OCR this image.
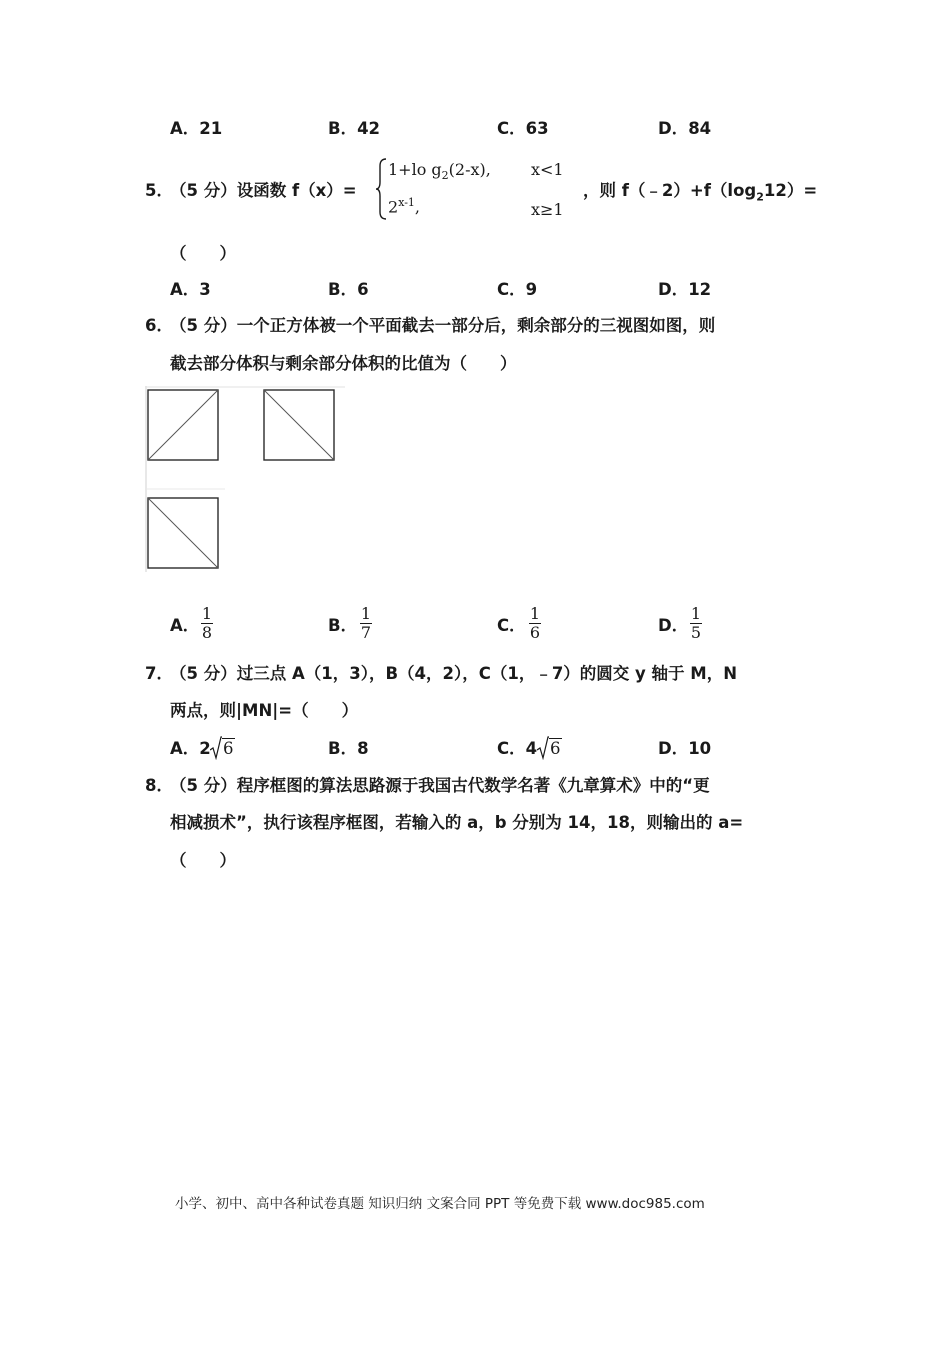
A．21	B．42	C．63	D．84
5．
（5 分）设函数 f（x）=
1+lo $g_2(2-x)$,	x<1
2$^{x-1}$,	x≥1
，则 $f(﹣2)+f(\log_212)=$
（　　）
A．3	B．6	C．9	D．12
6．
（5 分）一个正方体被一个平面截去一部分后，剩余部分的三视图如图，则
截去部分体积与剩余部分体积的比值为（　　）
A．
1
8	B．
1
7	C．
1
6	D．
1
5
7．
（5 分）过三点 A（1，3），B（4，2），C（1，﹣7）的圆交 y 轴于 M，N
两点，则|MN|=（　　）
A．2 6	B．8	C．4 6	D．10
8．
（5 分）程序框图的算法思路源于我国古代数学名著《九章算术》中的“更
相减损术”，执行该程序框图，若输入的 a，b 分别为 14，18，则输出的 a=
（　　）
小学、初中、高中各种试卷真题 知识归纳 文案合同 PPT 等免费下载 www.doc985.com
